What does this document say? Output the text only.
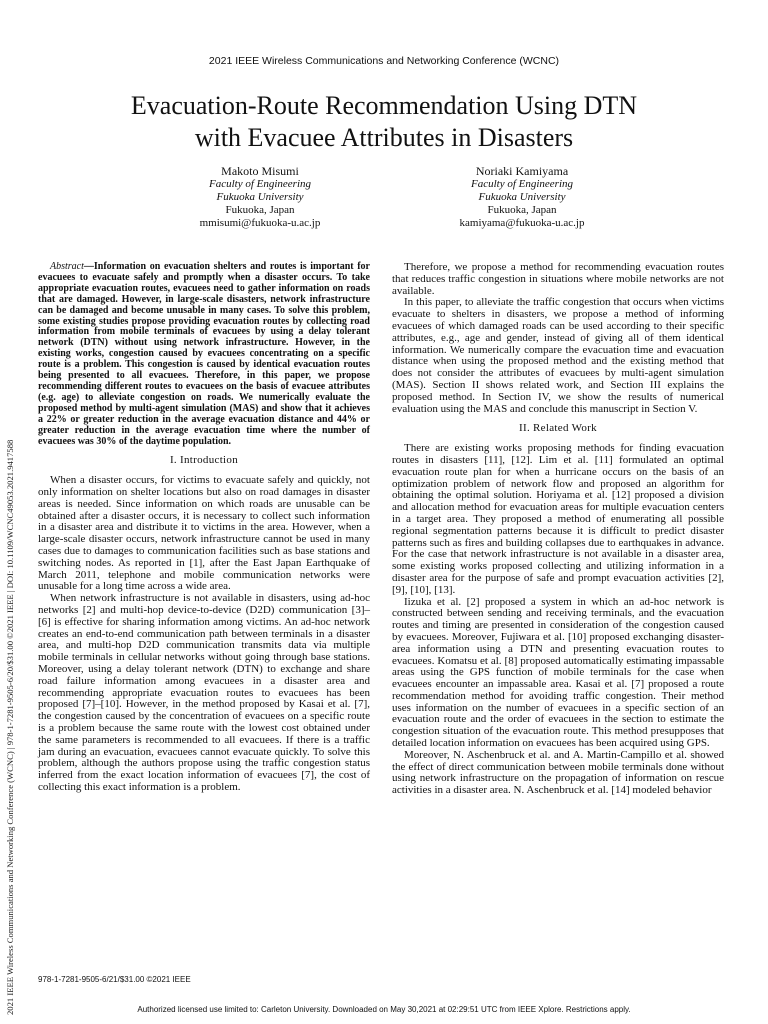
2021 IEEE Wireless Communications and Networking Conference (WCNC)
Evacuation-Route Recommendation Using DTN
with Evacuee Attributes in Disasters
Makoto Misumi
Faculty of Engineering
Fukuoka University
Fukuoka, Japan
mmisumi@fukuoka-u.ac.jp
Noriaki Kamiyama
Faculty of Engineering
Fukuoka University
Fukuoka, Japan
kamiyama@fukuoka-u.ac.jp
2021 IEEE Wireless Communications and Networking Conference (WCNC) | 978-1-7281-9505-6/20/$31.00 ©2021 IEEE | DOI: 10.1109/WCNC49053.2021.9417588

Abstract—Information on evacuation shelters and routes is important for evacuees to evacuate safely and promptly when a disaster occurs. To take appropriate evacuation routes, evacuees need to gather information on roads that are damaged. However, in large-scale disasters, network infrastructure can be damaged and become unusable in many cases. To solve this problem, some existing studies propose providing evacuation routes by collecting road information from mobile terminals of evacuees by using a delay tolerant network (DTN) without using network infrastructure. However, in the existing works, congestion caused by evacuees concentrating on a specific route is a problem. This congestion is caused by identical evacuation routes being presented to all evacuees. Therefore, in this paper, we propose recommending different routes to evacuees on the basis of evacuee attributes (e.g. age) to alleviate congestion on roads. We numerically evaluate the proposed method by multi-agent simulation (MAS) and show that it achieves a 22% or greater reduction in the average evacuation distance and 44% or greater reduction in the average evacuation time where the number of evacuees was 30% of the daytime population.

I. Introduction

When a disaster occurs, for victims to evacuate safely and quickly, not only information on shelter locations but also on road damages in disaster areas is needed. Since information on which roads are unusable can be obtained after a disaster occurs, it is necessary to collect such information in a disaster area and distribute it to victims in the area. However, when a large-scale disaster occurs, network infrastructure cannot be used in many cases due to damages to communication facilities such as base stations and switching nodes. As reported in [1], after the East Japan Earthquake of March 2011, telephone and mobile communication networks were unusable for a long time across a wide area.

When network infrastructure is not available in disasters, using ad-hoc networks [2] and multi-hop device-to-device (D2D) communication [3]–[6] is effective for sharing information among victims. An ad-hoc network creates an end-to-end communication path between terminals in a disaster area, and multi-hop D2D communication transmits data via multiple mobile terminals in cellular networks without going through base stations. Moreover, using a delay tolerant network (DTN) to exchange and share road failure information among evacuees in a disaster area and recommending appropriate evacuation routes to evacuees has been proposed [7]–[10]. However, in the method proposed by Kasai et al. [7], the congestion caused by the concentration of evacuees on a specific route is a problem because the same route with the lowest cost obtained under the same parameters is recommended to all evacuees. If there is a traffic jam during an evacuation, evacuees cannot evacuate quickly. To solve this problem, although the authors propose using the traffic congestion status inferred from the exact location information of evacuees [7], the cost of collecting this exact information is a problem.

Therefore, we propose a method for recommending evacuation routes that reduces traffic congestion in situations where mobile networks are not available.

In this paper, to alleviate the traffic congestion that occurs when victims evacuate to shelters in disasters, we propose a method of informing evacuees of which damaged roads can be used according to their specific attributes, e.g., age and gender, instead of giving all of them identical information. We numerically compare the evacuation time and evacuation distance when using the proposed method and the existing method that does not consider the attributes of evacuees by multi-agent simulation (MAS). Section II shows related work, and Section III explains the proposed method. In Section IV, we show the results of numerical evaluation using the MAS and conclude this manuscript in Section V.

II. Related Work

There are existing works proposing methods for finding evacuation routes in disasters [11], [12]. Lim et al. [11] formulated an optimal evacuation route plan for when a hurricane occurs on the basis of an optimization problem of network flow and proposed an algorithm for obtaining the optimal solution. Horiyama et al. [12] proposed a division and allocation method for evacuation areas for multiple evacuation centers in a target area. They proposed a method of enumerating all possible regional segmentation patterns because it is difficult to predict disaster patterns such as fires and building collapses due to earthquakes in advance. For the case that network infrastructure is not available in a disaster area, some existing works proposed collecting and utilizing information in a disaster area for the purpose of safe and prompt evacuation activities [2], [9], [10], [13].

Iizuka et al. [2] proposed a system in which an ad-hoc network is constructed between sending and receiving terminals, and the evacuation routes and timing are presented in consideration of the congestion caused by evacuees. Moreover, Fujiwara et al. [10] proposed exchanging disaster-area information using a DTN and presenting evacuation routes to evacuees. Komatsu et al. [8] proposed automatically estimating impassable areas using the GPS function of mobile terminals for the case when evacuees encounter an impassable area. Kasai et al. [7] proposed a route recommendation method for avoiding traffic congestion. Their method uses information on the number of evacuees in a specific section of an evacuation route and the order of evacuees in the section to estimate the congestion situation of the evacuation route. This method presupposes that detailed location information on evacuees has been acquired using GPS.

Moreover, N. Aschenbruck et al. and A. Martin-Campillo et al. showed the effect of direct communication between mobile terminals done without using network infrastructure on the propagation of information on rescue activities in a disaster area. N. Aschenbruck et al. [14] modeled behavior

978-1-7281-9505-6/21/$31.00 ©2021 IEEE
Authorized licensed use limited to: Carleton University. Downloaded on May 30,2021 at 02:29:51 UTC from IEEE Xplore. Restrictions apply.
